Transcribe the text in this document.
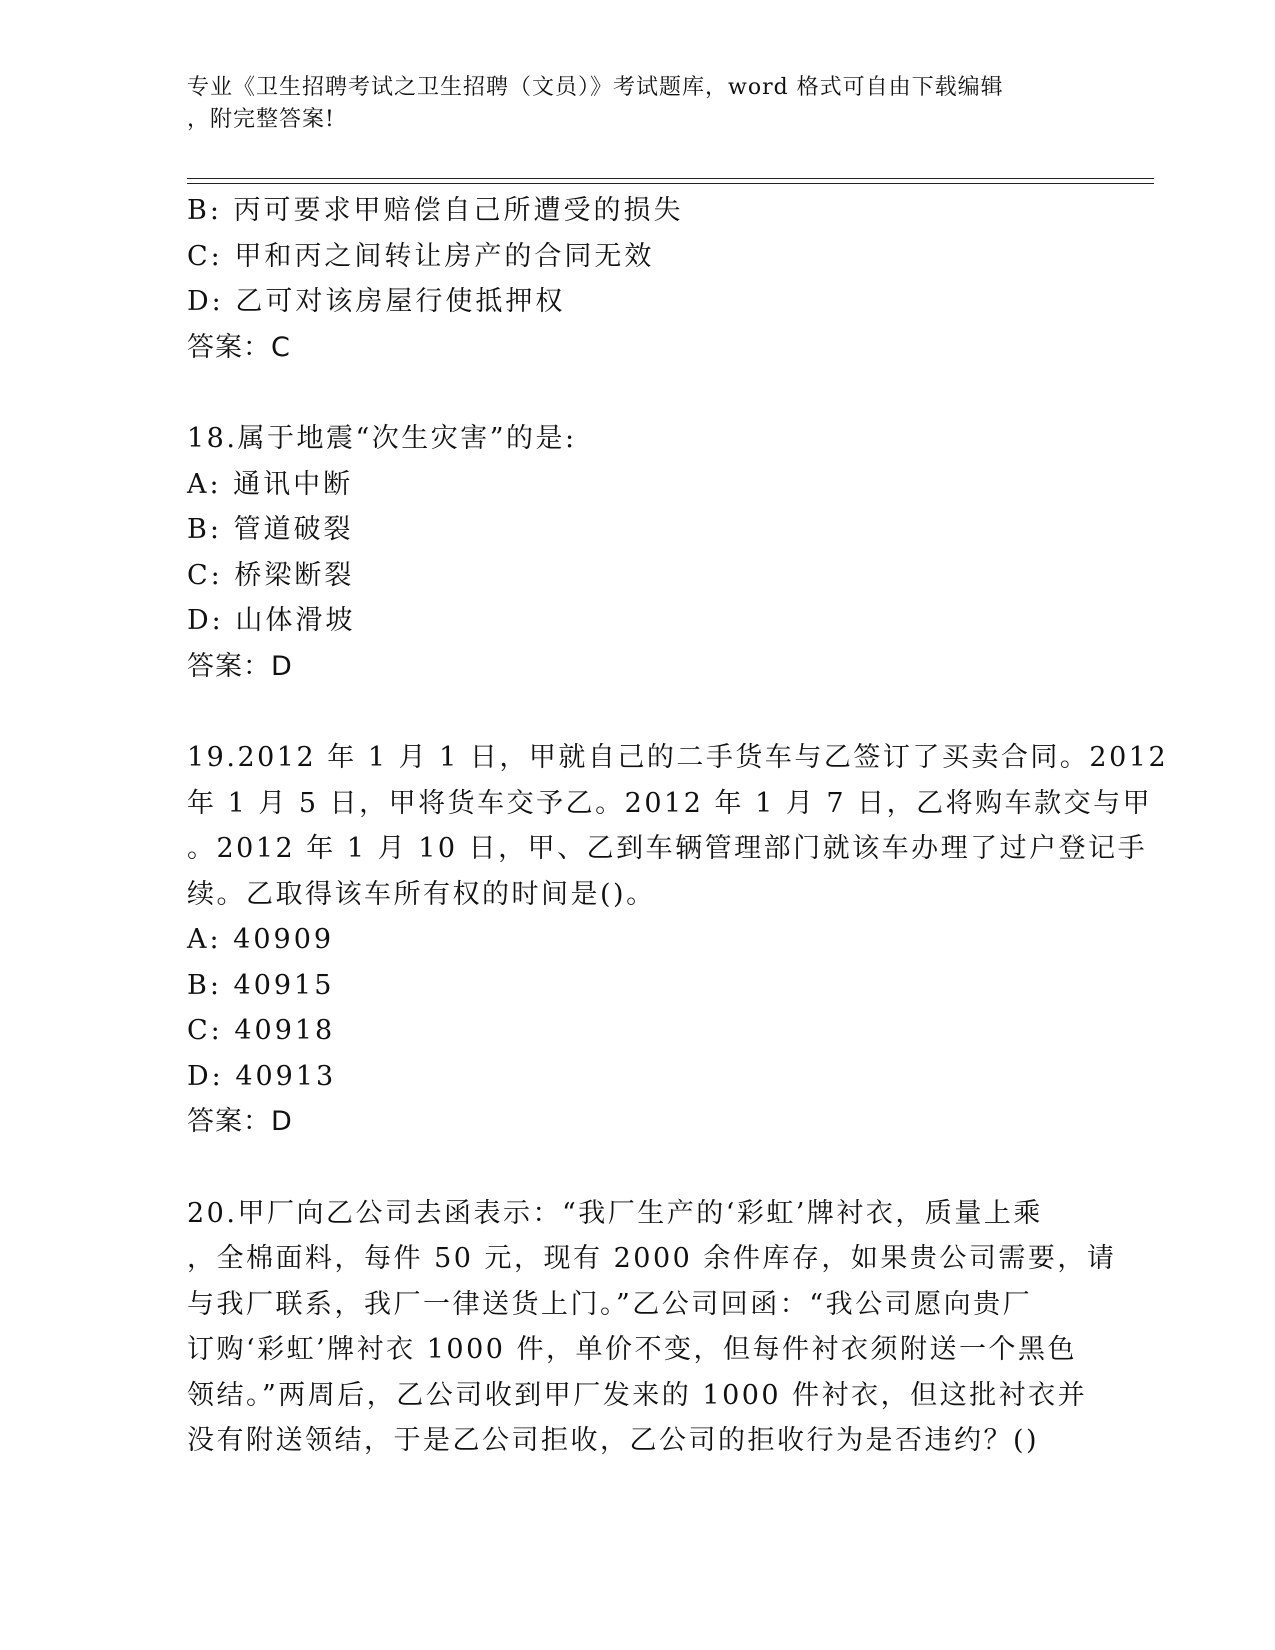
专业《卫生招聘考试之卫生招聘（文员）》考试题库，word 格式可自由下载编辑
，附完整答案!
B: 丙可要求甲赔偿自己所遭受的损失
C: 甲和丙之间转让房产的合同无效
D: 乙可对该房屋行使抵押权
答案：C
18.属于地震“次生灾害”的是:
A: 通讯中断
B: 管道破裂
C: 桥梁断裂
D: 山体滑坡
答案：D
19.2012 年 1 月 1 日，甲就自己的二手货车与乙签订了买卖合同。2012
年 1 月 5 日，甲将货车交予乙。2012 年 1 月 7 日，乙将购车款交与甲
。2012 年 1 月 10 日，甲、乙到车辆管理部门就该车办理了过户登记手
续。乙取得该车所有权的时间是()。
A: 40909
B: 40915
C: 40918
D: 40913
答案：D
20.甲厂向乙公司去函表示：“我厂生产的‘彩虹’牌衬衣，质量上乘
，全棉面料，每件 50 元，现有 2000 余件库存，如果贵公司需要，请
与我厂联系，我厂一律送货上门。”乙公司回函：“我公司愿向贵厂
订购‘彩虹’牌衬衣 1000 件，单价不变，但每件衬衣须附送一个黑色
领结。”两周后，乙公司收到甲厂发来的 1000 件衬衣，但这批衬衣并
没有附送领结，于是乙公司拒收，乙公司的拒收行为是否违约？()
